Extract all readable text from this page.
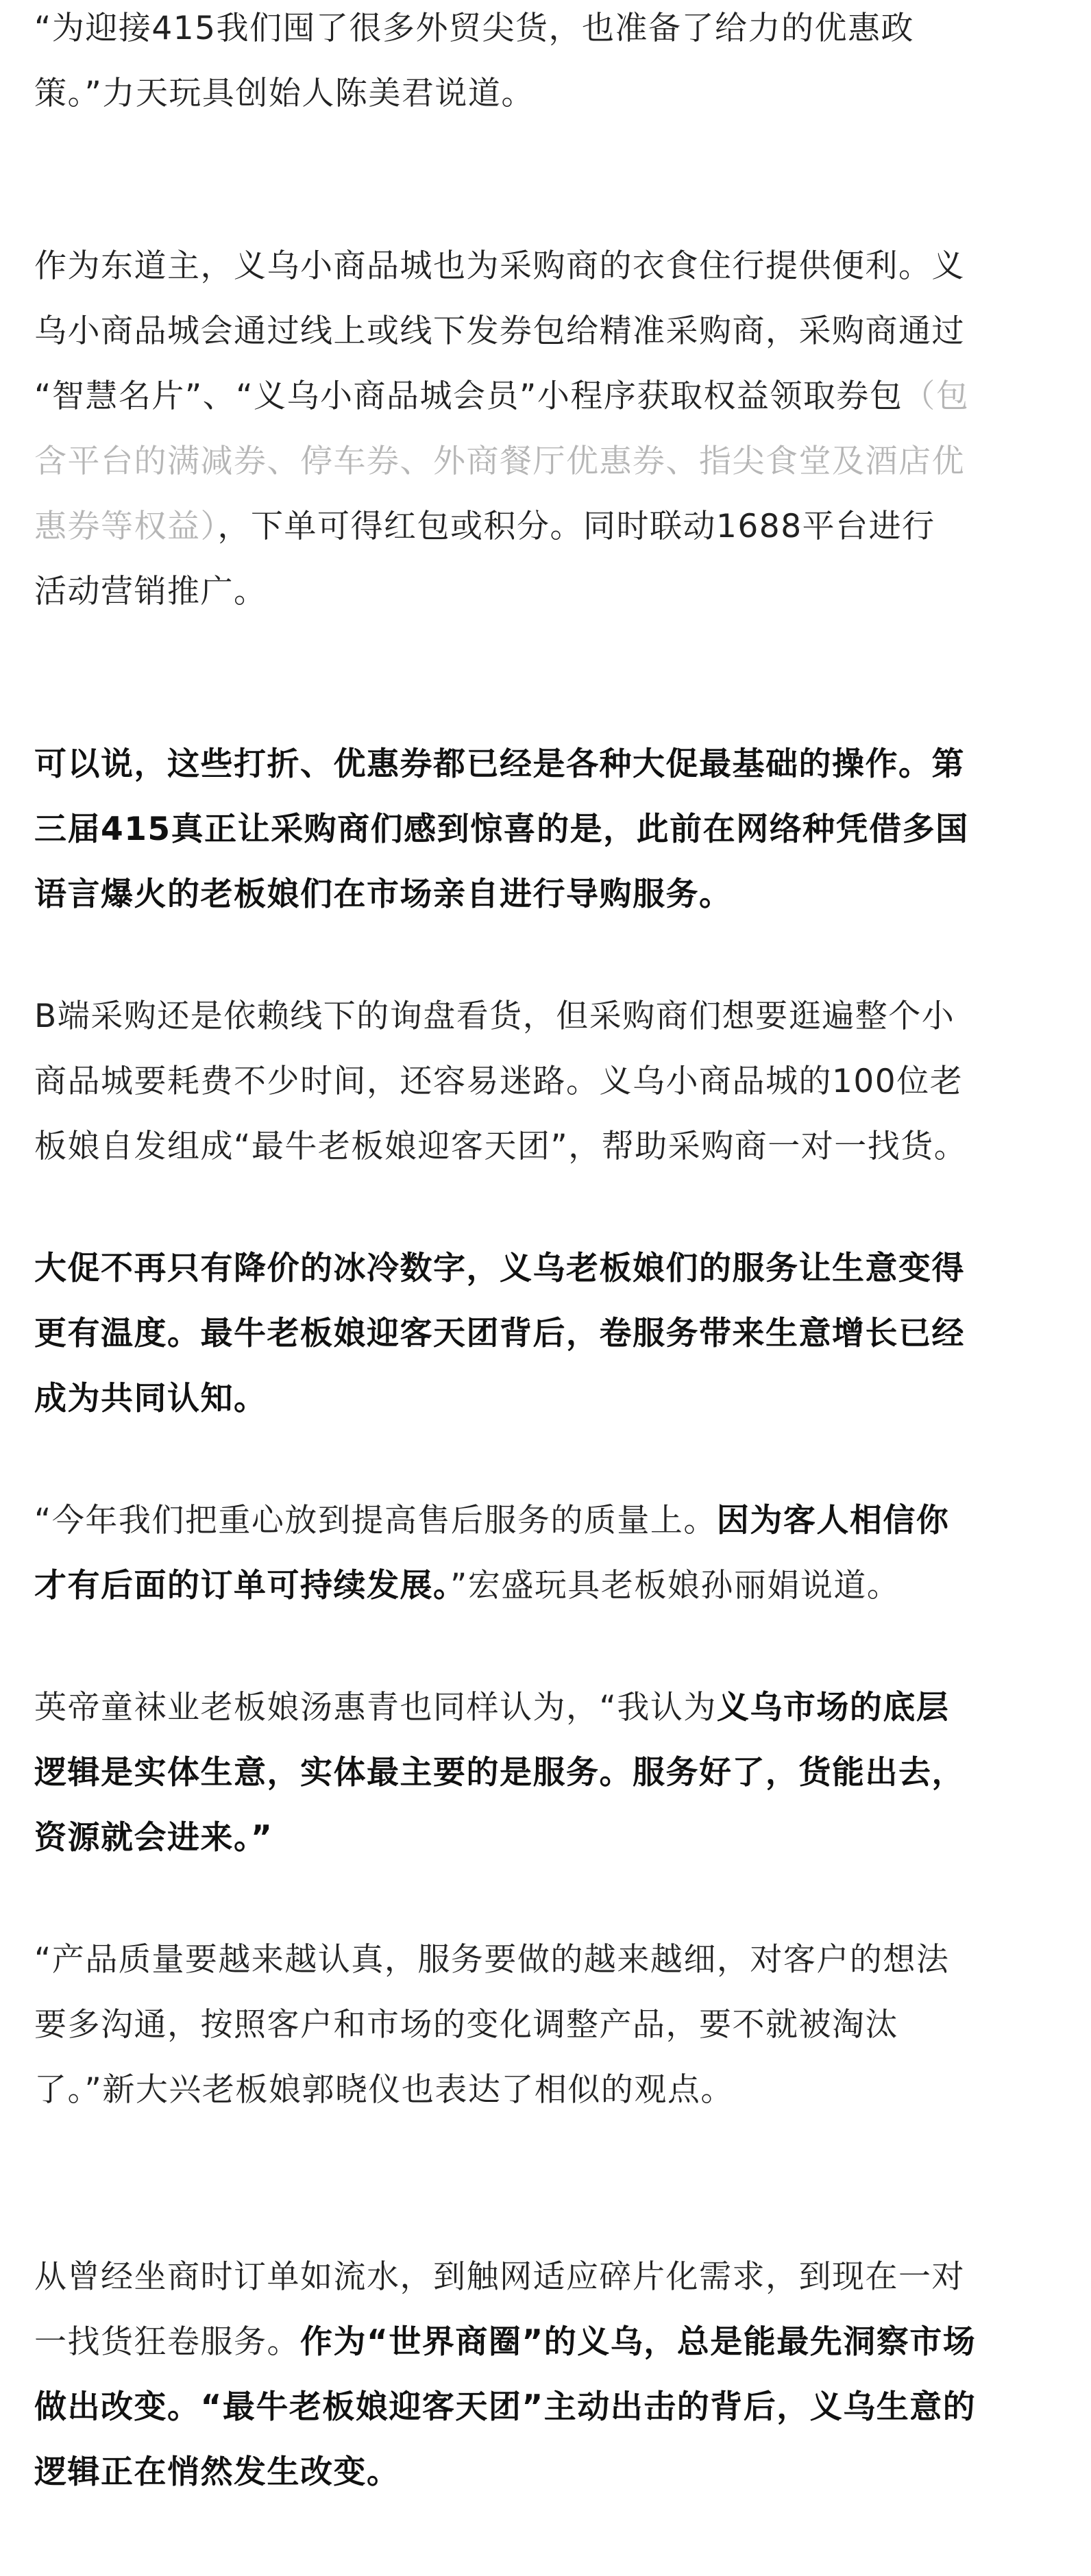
“为迎接415我们囤了很多外贸尖货，也准备了给力的优惠政
策。”力天玩具创始人陈美君说道。
作为东道主，义乌小商品城也为采购商的衣食住行提供便利。义
乌小商品城会通过线上或线下发券包给精准采购商，采购商通过
“智慧名片”、“义乌小商品城会员”小程序获取权益领取券包（包
含平台的满减券、停车券、外商餐厅优惠券、指尖食堂及酒店优
惠券等权益），下单可得红包或积分。同时联动1688平台进行
活动营销推广。
可以说，这些打折、优惠券都已经是各种大促最基础的操作。第
三届415真正让采购商们感到惊喜的是，此前在网络种凭借多国
语言爆火的老板娘们在市场亲自进行导购服务。
B端采购还是依赖线下的询盘看货，但采购商们想要逛遍整个小
商品城要耗费不少时间，还容易迷路。义乌小商品城的100位老
板娘自发组成“最牛老板娘迎客天团”，帮助采购商一对一找货。
大促不再只有降价的冰冷数字，义乌老板娘们的服务让生意变得
更有温度。最牛老板娘迎客天团背后，卷服务带来生意增长已经
成为共同认知。
“今年我们把重心放到提高售后服务的质量上。因为客人相信你
才有后面的订单可持续发展。”宏盛玩具老板娘孙丽娟说道。
英帝童袜业老板娘汤惠青也同样认为，“我认为义乌市场的底层
逻辑是实体生意，实体最主要的是服务。服务好了，货能出去，
资源就会进来。”
“产品质量要越来越认真，服务要做的越来越细，对客户的想法
要多沟通，按照客户和市场的变化调整产品，要不就被淘汰
了。”新大兴老板娘郭晓仪也表达了相似的观点。
从曾经坐商时订单如流水，到触网适应碎片化需求，到现在一对
一找货狂卷服务。作为“世界商圈”的义乌，总是能最先洞察市场
做出改变。“最牛老板娘迎客天团”主动出击的背后，义乌生意的
逻辑正在悄然发生改变。
